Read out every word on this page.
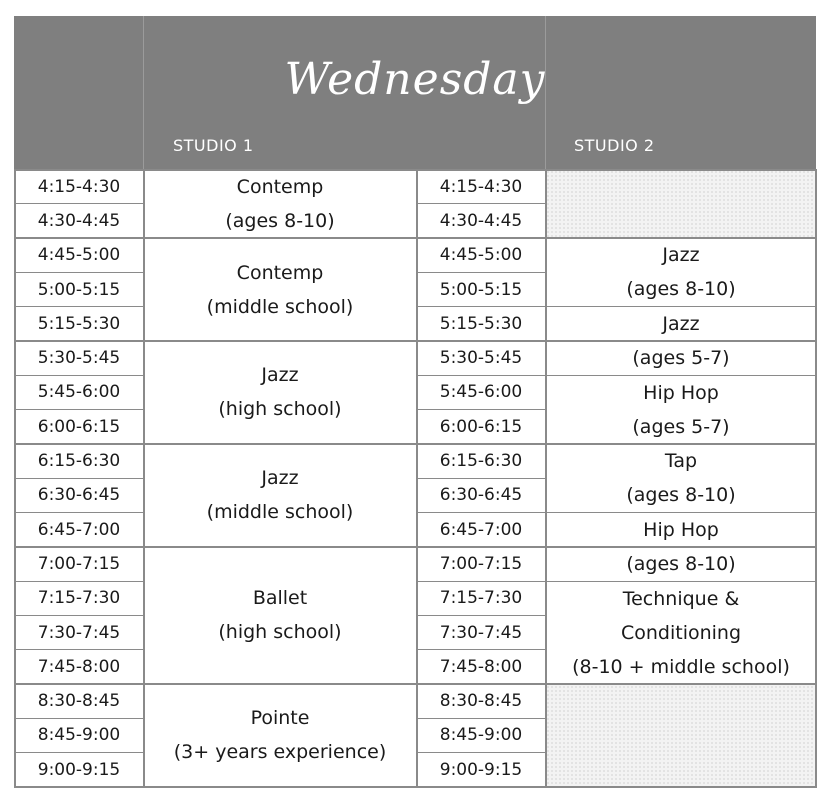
Wednesday
STUDIO 1	STUDIO 2
4:15-4:30
4:30-4:45
4:45-5:00
5:00-5:15
5:15-5:30
5:30-5:45
5:45-6:00
6:00-6:15
6:15-6:30
6:30-6:45
6:45-7:00
7:00-7:15
7:15-7:30
7:30-7:45
7:45-8:00
8:30-8:45
8:45-9:00
9:00-9:15
Contemp
(ages 8-10)
Contemp
(middle school)
Jazz
(high school)
Jazz
(middle school)
Ballet
(high school)
Pointe
(3+ years experience)
4:15-4:30
4:30-4:45
4:45-5:00
5:00-5:15
5:15-5:30
5:30-5:45
5:45-6:00
6:00-6:15
6:15-6:30
6:30-6:45
6:45-7:00
7:00-7:15
7:15-7:30
7:30-7:45
7:45-8:00
8:30-8:45
8:45-9:00
9:00-9:15
Jazz
(ages 8-10)
Jazz
(ages 5-7)
Hip Hop
(ages 5-7)
Tap
(ages 8-10)
Hip Hop
(ages 8-10)
Technique &
Conditioning
(8-10 + middle school)
